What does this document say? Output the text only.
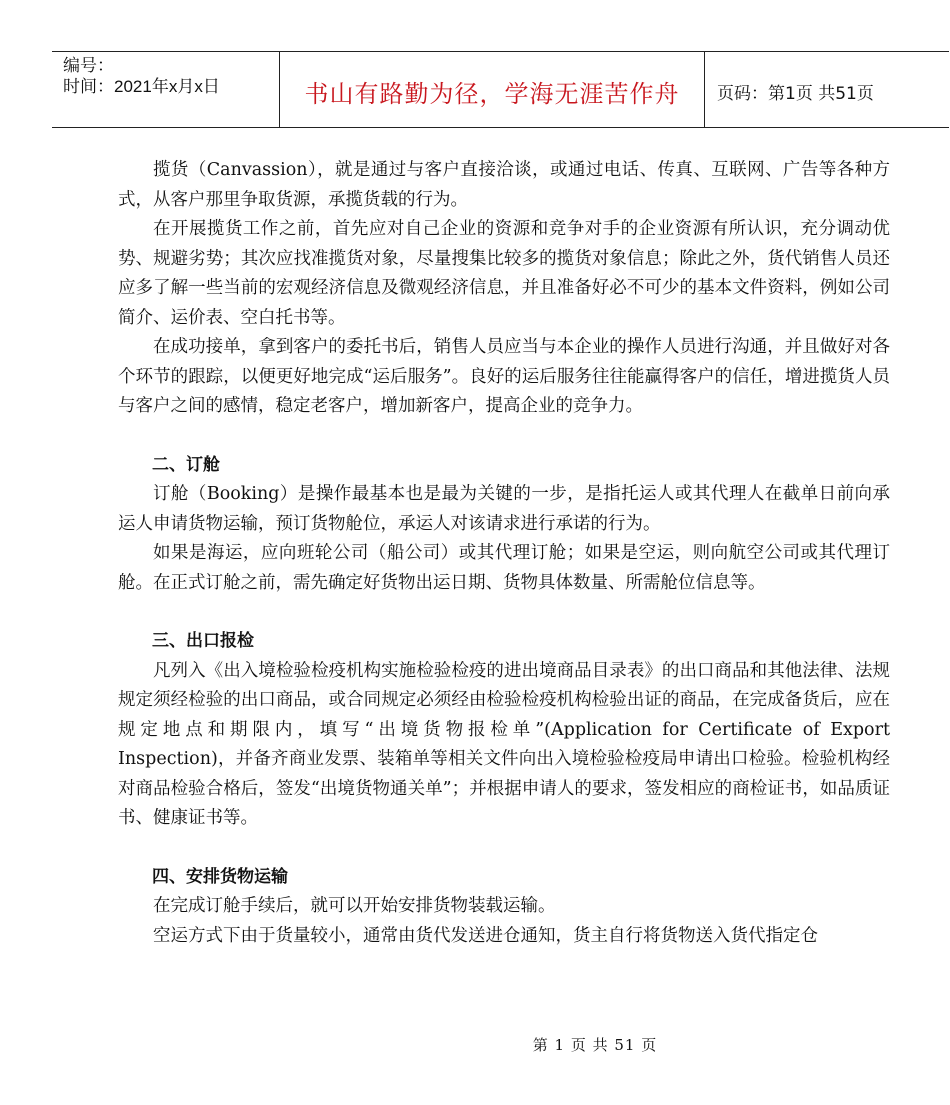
编号：
时间：2021年x月x日	书山有路勤为径，学海无涯苦作舟	页码：第1页 共51页

揽货（Canvassion），就是通过与客户直接洽谈，或通过电话、传真、互联网、广告等各种方式，从客户那里争取货源，承揽货载的行为。

在开展揽货工作之前，首先应对自己企业的资源和竞争对手的企业资源有所认识，充分调动优势、规避劣势；其次应找准揽货对象，尽量搜集比较多的揽货对象信息；除此之外，货代销售人员还应多了解一些当前的宏观经济信息及微观经济信息，并且准备好必不可少的基本文件资料，例如公司简介、运价表、空白托书等。

在成功接单，拿到客户的委托书后，销售人员应当与本企业的操作人员进行沟通，并且做好对各个环节的跟踪，以便更好地完成“运后服务”。良好的运后服务往往能赢得客户的信任，增进揽货人员与客户之间的感情，稳定老客户，增加新客户，提高企业的竞争力。

二、订舱

订舱（Booking）是操作最基本也是最为关键的一步，是指托运人或其代理人在截单日前向承运人申请货物运输，预订货物舱位，承运人对该请求进行承诺的行为。

如果是海运，应向班轮公司（船公司）或其代理订舱；如果是空运，则向航空公司或其代理订舱。在正式订舱之前，需先确定好货物出运日期、货物具体数量、所需舱位信息等。

三、出口报检

凡列入《出入境检验检疫机构实施检验检疫的进出境商品目录表》的出口商品和其他法律、法规规定须经检验的出口商品，或合同规定必须经由检验检疫机构检验出证的商品，在完成备货后，应在规定地点和期限内，填写“出境货物报检单”(Application for Certificate of Export Inspection)，并备齐商业发票、装箱单等相关文件向出入境检验检疫局申请出口检验。检验机构经对商品检验合格后，签发“出境货物通关单”；并根据申请人的要求，签发相应的商检证书，如品质证书、健康证书等。

四、安排货物运输

在完成订舱手续后，就可以开始安排货物装载运输。

空运方式下由于货量较小，通常由货代发送进仓通知，货主自行将货物送入货代指定仓

第 1 页 共 51 页
